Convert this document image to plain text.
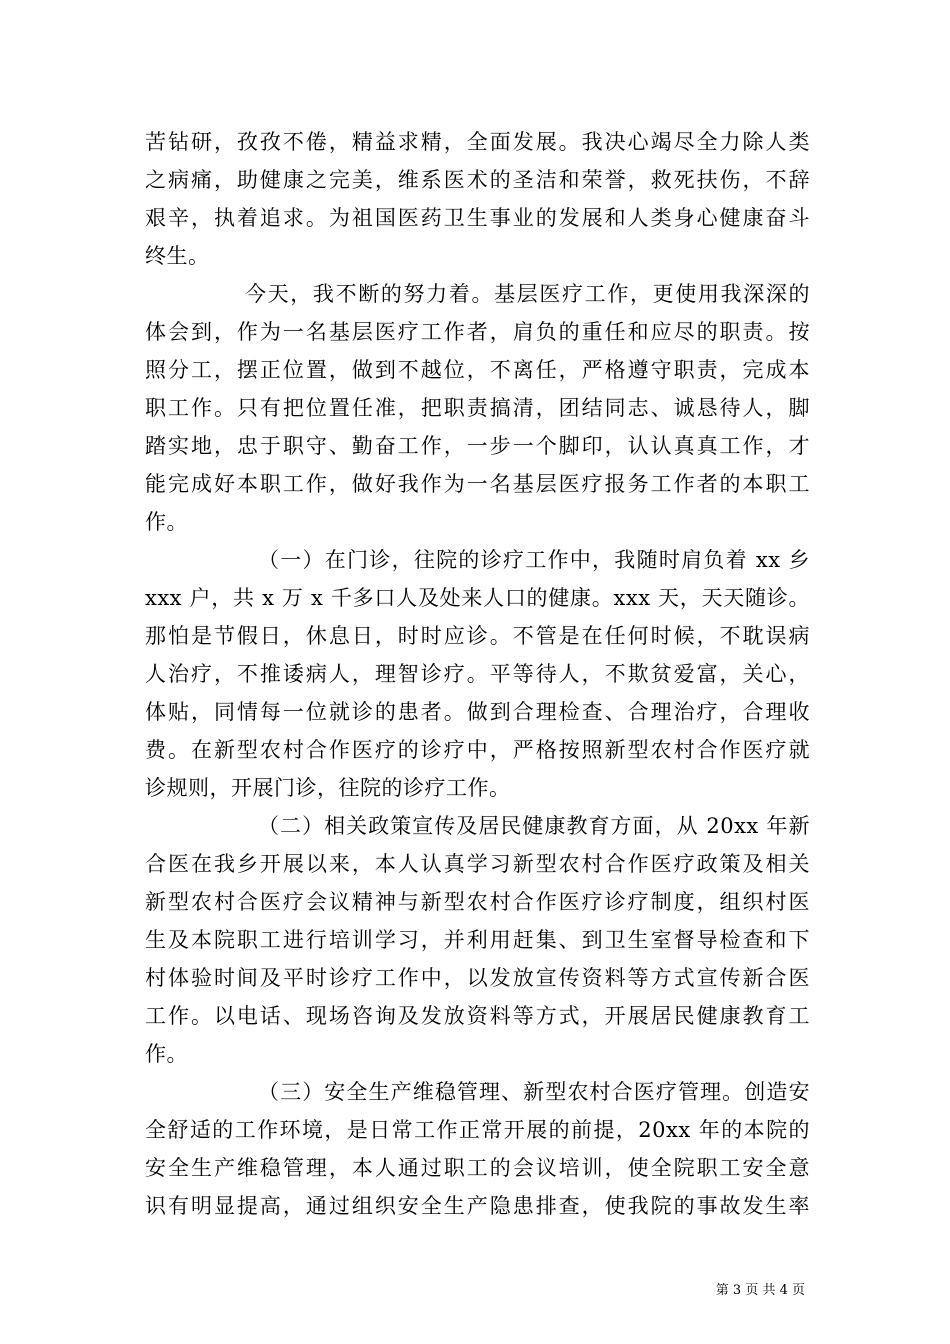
苦钻研，孜孜不倦，精益求精，全面发展。我决心竭尽全力除人类
之病痛，助健康之完美，维系医术的圣洁和荣誉，救死扶伤，不辞
艰辛，执着追求。为祖国医药卫生事业的发展和人类身心健康奋斗
终生。
今天，我不断的努力着。基层医疗工作，更使用我深深的
体会到，作为一名基层医疗工作者，肩负的重任和应尽的职责。按
照分工，摆正位置，做到不越位，不离任，严格遵守职责，完成本
职工作。只有把位置任准，把职责搞清，团结同志、诚恳待人，脚
踏实地，忠于职守、勤奋工作，一步一个脚印，认认真真工作，才
能完成好本职工作，做好我作为一名基层医疗报务工作者的本职工
作。
（一）在门诊，往院的诊疗工作中，我随时肩负着 xx 乡
xxx 户，共 x 万 x 千多口人及处来人口的健康。xxx 天，天天随诊。
那怕是节假日，休息日，时时应诊。不管是在任何时候，不耽误病
人治疗，不推诿病人，理智诊疗。平等待人，不欺贫爱富，关心，
体贴，同情每一位就诊的患者。做到合理检查、合理治疗，合理收
费。在新型农村合作医疗的诊疗中，严格按照新型农村合作医疗就
诊规则，开展门诊，往院的诊疗工作。
（二）相关政策宣传及居民健康教育方面，从 20xx 年新
合医在我乡开展以来，本人认真学习新型农村合作医疗政策及相关
新型农村合医疗会议精神与新型农村合作医疗诊疗制度，组织村医
生及本院职工进行培训学习，并利用赶集、到卫生室督导检查和下
村体验时间及平时诊疗工作中，以发放宣传资料等方式宣传新合医
工作。以电话、现场咨询及发放资料等方式，开展居民健康教育工
作。
（三）安全生产维稳管理、新型农村合医疗管理。创造安
全舒适的工作环境，是日常工作正常开展的前提，20xx 年的本院的
安全生产维稳管理，本人通过职工的会议培训，使全院职工安全意
识有明显提高，通过组织安全生产隐患排查，使我院的事故发生率
第 3 页 共 4 页
